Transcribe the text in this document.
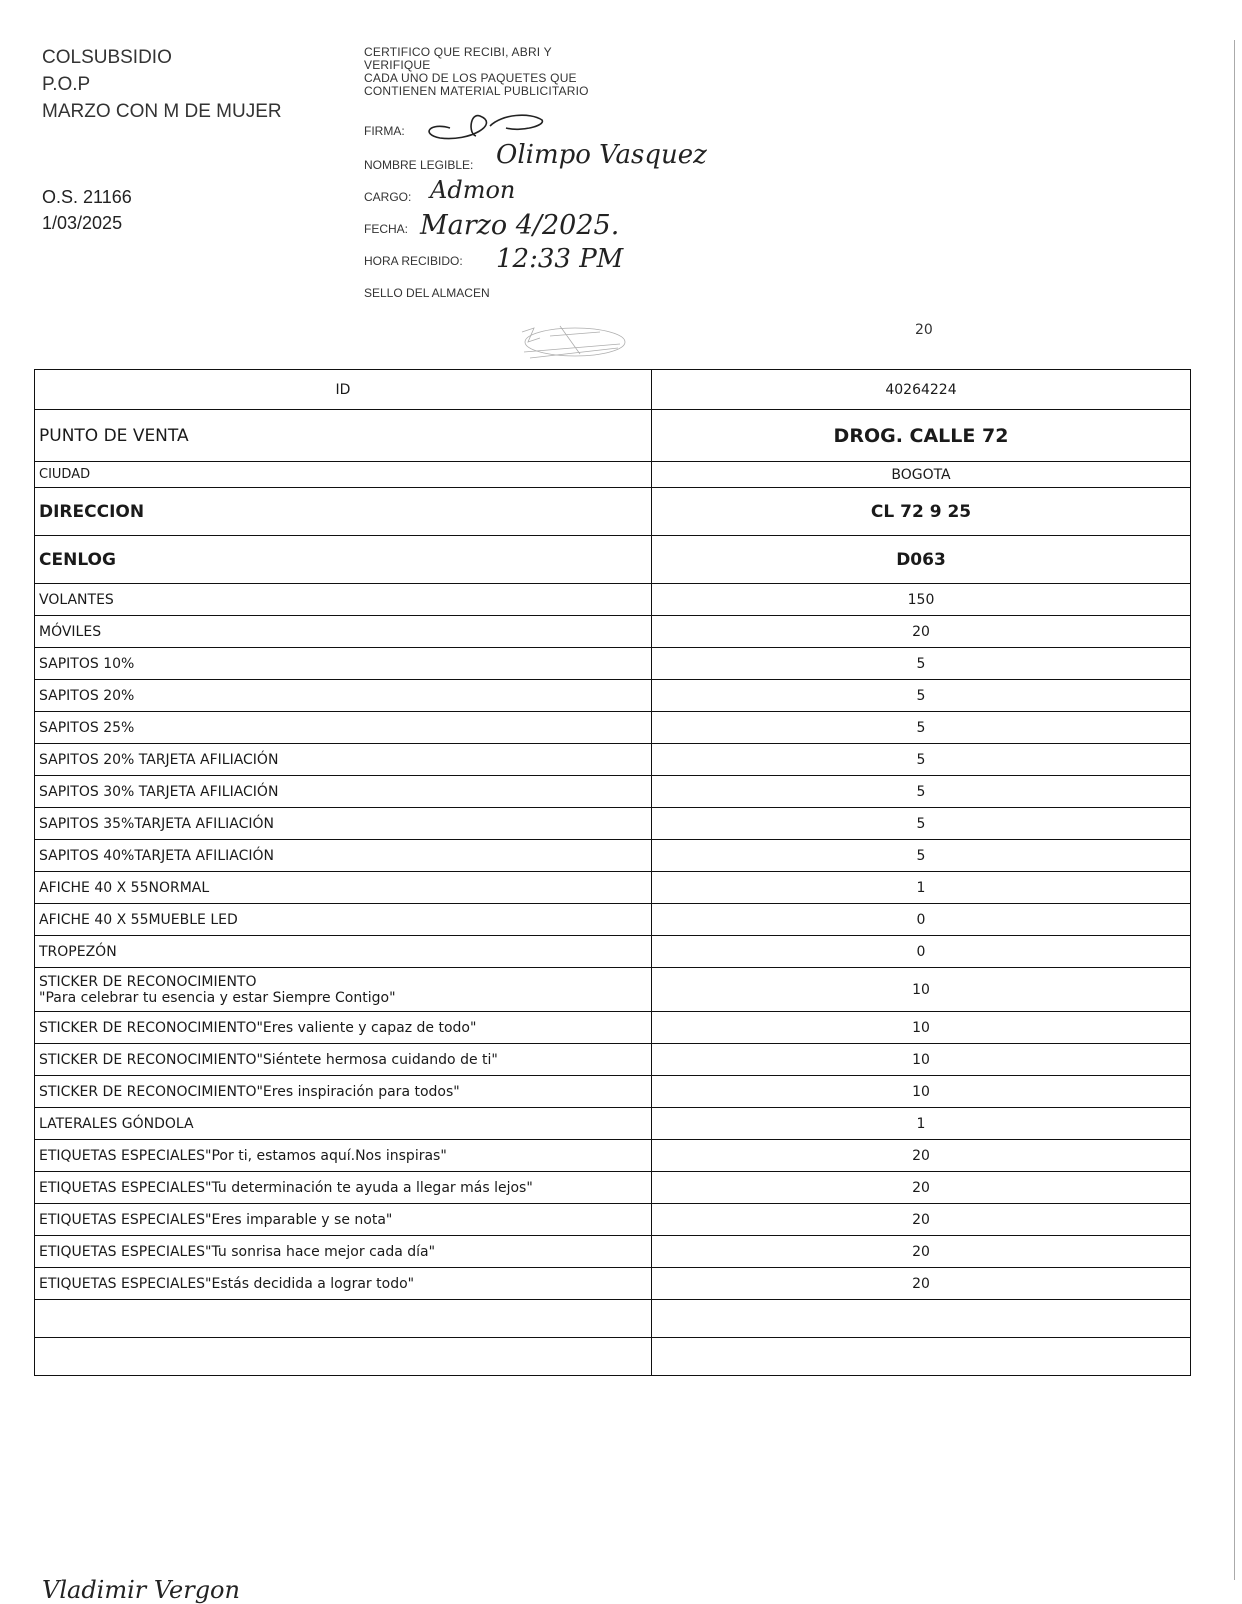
COLSUBSIDIO
P.O.P
MARZO CON M DE MUJER
O.S. 21166
1/03/2025
CERTIFICO QUE RECIBI, ABRI Y
VERIFIQUE
CADA UNO DE LOS PAQUETES QUE
CONTIENEN MATERIAL PUBLICITARIO
FIRMA:
NOMBRE LEGIBLE: Olimpo Vasquez
CARGO: Admon
FECHA: Marzo 4/2025.
HORA RECIBIDO: 12:33 PM
SELLO DEL ALMACEN
20
ID	40264224
PUNTO DE VENTA	DROG. CALLE 72
CIUDAD	BOGOTA
DIRECCION	CL 72 9 25
CENLOG	D063
VOLANTES	150
MÓVILES	20
SAPITOS 10%	5
SAPITOS 20%	5
SAPITOS 25%	5
SAPITOS 20% TARJETA AFILIACIÓN	5
SAPITOS 30% TARJETA AFILIACIÓN	5
SAPITOS 35%TARJETA AFILIACIÓN	5
SAPITOS 40%TARJETA AFILIACIÓN	5
AFICHE 40 X 55NORMAL	1
AFICHE 40 X 55MUEBLE LED	0
TROPEZÓN	0

STICKER DE RECONOCIMIENTO
"Para celebrar tu esencia y estar Siempre Contigo"	10
STICKER DE RECONOCIMIENTO"Eres valiente y capaz de todo"	10
STICKER DE RECONOCIMIENTO"Siéntete hermosa cuidando de ti"	10
STICKER DE RECONOCIMIENTO"Eres inspiración para todos"	10
LATERALES GÓNDOLA	1
ETIQUETAS ESPECIALES"Por ti, estamos aquí.Nos inspiras"	20
ETIQUETAS ESPECIALES"Tu determinación te ayuda a llegar más lejos"	20
ETIQUETAS ESPECIALES"Eres imparable y se nota"	20
ETIQUETAS ESPECIALES"Tu sonrisa hace mejor cada día"	20
ETIQUETAS ESPECIALES"Estás decidida a lograr todo"	20

Vladimir Vergon
